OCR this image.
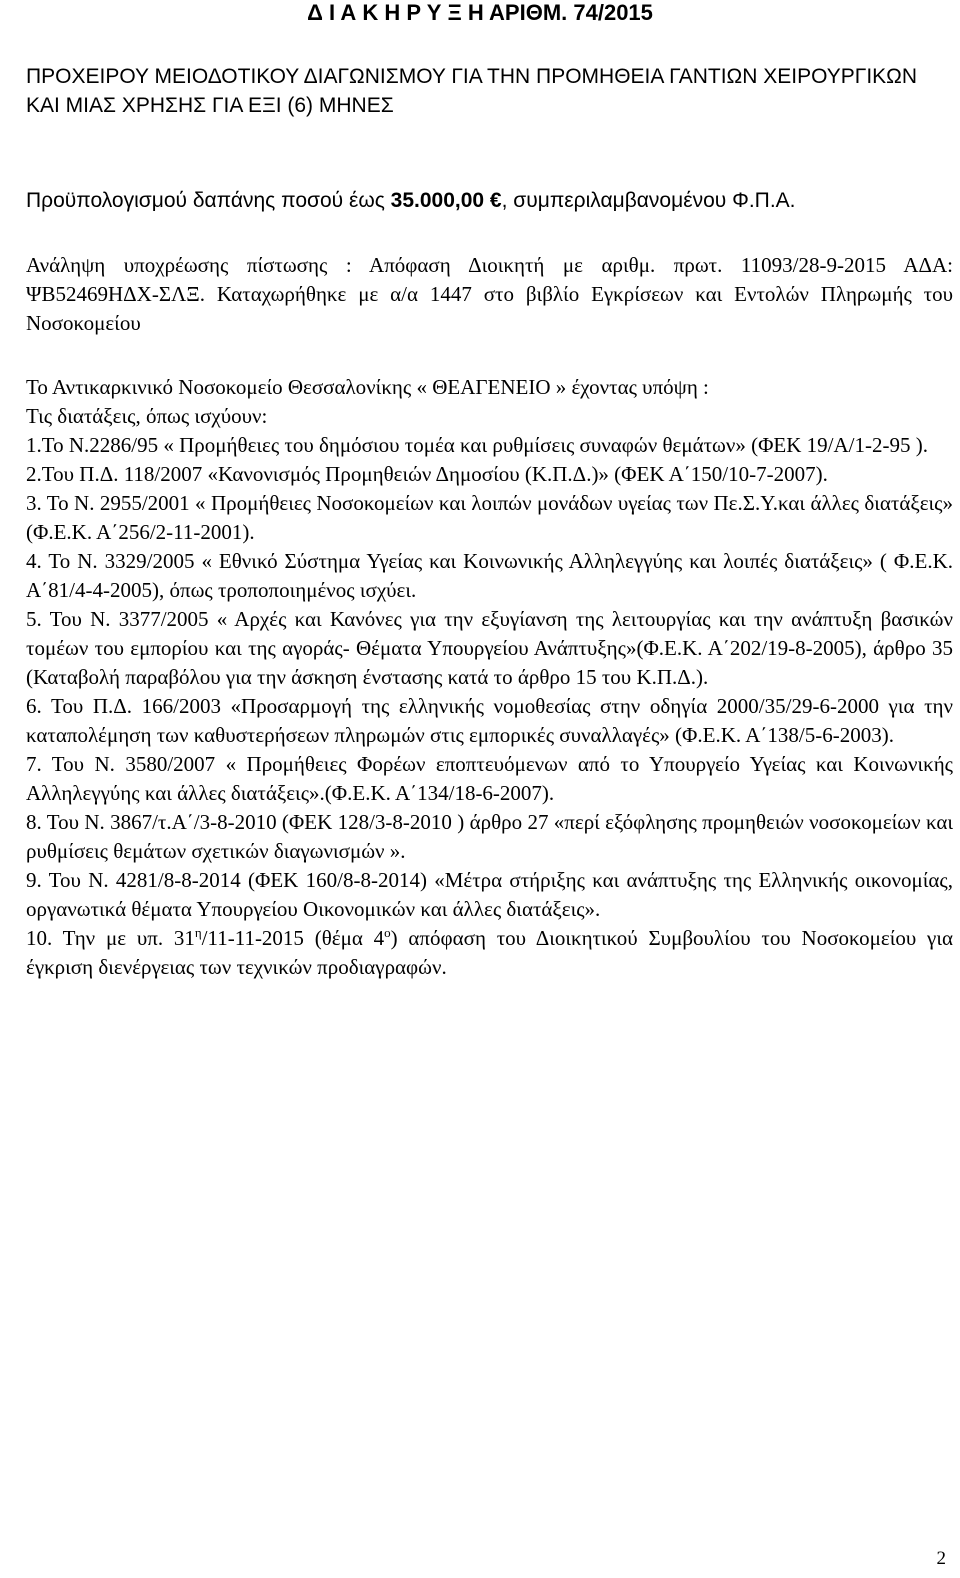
Δ Ι Α Κ Η Ρ Υ Ξ Η ΑΡΙΘΜ. 74/2015
ΠΡΟΧΕΙΡΟΥ ΜΕΙΟΔΟΤΙΚΟΥ ΔΙΑΓΩΝΙΣΜΟΥ ΓΙΑ ΤΗΝ ΠΡΟΜΗΘΕΙΑ ΓΑΝΤΙΩΝ ΧΕΙΡΟΥΡΓΙΚΩΝ ΚΑΙ ΜΙΑΣ ΧΡΗΣΗΣ ΓΙΑ ΕΞΙ (6) ΜΗΝΕΣ
Προϋπολογισμού δαπάνης ποσού έως 35.000,00 €, συμπεριλαμβανομένου Φ.Π.Α.
Ανάληψη υποχρέωσης πίστωσης : Απόφαση Διοικητή με αριθμ. πρωτ. 11093/28-9-2015 ΑΔΑ: ΨΒ52469ΗΔΧ-ΣΛΞ. Καταχωρήθηκε με α/α 1447 στο βιβλίο Εγκρίσεων και Εντολών Πληρωμής του Νοσοκομείου

Το Αντικαρκινικό Νοσοκομείο Θεσσαλονίκης « ΘΕΑΓΕΝΕΙΟ » έχοντας υπόψη :

Τις διατάξεις, όπως ισχύουν:

1.Το Ν.2286/95 « Προμήθειες του δημόσιου τομέα και ρυθμίσεις συναφών θεμάτων» (ΦΕΚ 19/Α/1-2-95 ).

2.Του Π.Δ. 118/2007 «Κανονισμός Προμηθειών Δημοσίου (Κ.Π.Δ.)» (ΦΕΚ Α΄150/10-7-2007).

3. Το Ν. 2955/2001 « Προμήθειες Νοσοκομείων και λοιπών μονάδων υγείας των Πε.Σ.Υ.και άλλες διατάξεις» (Φ.Ε.Κ. Α΄256/2-11-2001).

4. Το Ν. 3329/2005 « Εθνικό Σύστημα Υγείας και Κοινωνικής Αλληλεγγύης και λοιπές διατάξεις» ( Φ.Ε.Κ. Α΄81/4-4-2005), όπως τροποποιημένος ισχύει.

5. Του Ν. 3377/2005 « Αρχές και Κανόνες για την εξυγίανση της λειτουργίας και την ανάπτυξη βασικών τομέων του εμπορίου και της αγοράς- Θέματα Υπουργείου Ανάπτυξης»(Φ.Ε.Κ. Α΄202/19-8-2005), άρθρο 35 (Καταβολή παραβόλου για την άσκηση ένστασης κατά το άρθρο 15 του Κ.Π.Δ.).

6. Του Π.Δ. 166/2003 «Προσαρμογή της ελληνικής νομοθεσίας στην οδηγία 2000/35/29-6-2000 για την καταπολέμηση των καθυστερήσεων πληρωμών στις εμπορικές συναλλαγές» (Φ.Ε.Κ. Α΄138/5-6-2003).

7. Του Ν. 3580/2007 « Προμήθειες Φορέων εποπτευόμενων από το Υπουργείο Υγείας και Κοινωνικής Αλληλεγγύης και άλλες διατάξεις».(Φ.Ε.Κ. Α΄134/18-6-2007).

8. Του Ν. 3867/τ.Α΄/3-8-2010 (ΦΕΚ 128/3-8-2010 ) άρθρο 27 «περί εξόφλησης προμηθειών νοσοκομείων και ρυθμίσεις θεμάτων σχετικών διαγωνισμών ».

9. Του Ν. 4281/8-8-2014 (ΦΕΚ 160/8-8-2014) «Μέτρα στήριξης και ανάπτυξης της Ελληνικής οικονομίας, οργανωτικά θέματα Υπουργείου Οικονομικών και άλλες διατάξεις».

10. Την με υπ. $31^\eta/11-11-2015$ (θέμα $4^o$) απόφαση του Διοικητικού Συμβουλίου του Νοσοκομείου για έγκριση διενέργειας των τεχνικών προδιαγραφών.

2
